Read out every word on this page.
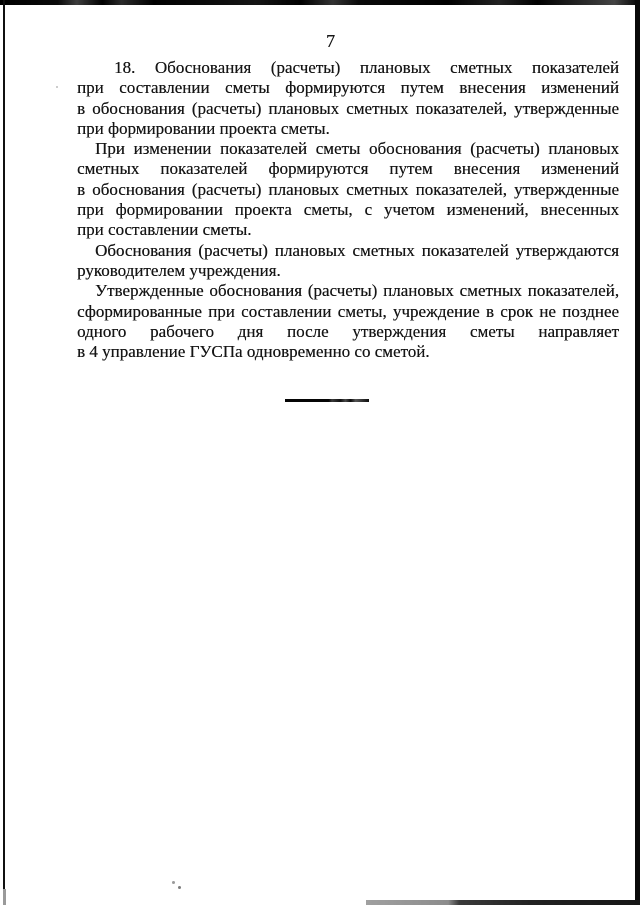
7

18. Обоснования (расчеты) плановых сметных показателей
при составлении сметы формируются путем внесения изменений
в обоснования (расчеты) плановых сметных показателей, утвержденные
при формировании проекта сметы.

При изменении показателей сметы обоснования (расчеты) плановых
сметных показателей формируются путем внесения изменений
в обоснования (расчеты) плановых сметных показателей, утвержденные
при формировании проекта сметы, с учетом изменений, внесенных
при составлении сметы.

Обоснования (расчеты) плановых сметных показателей утверждаются
руководителем учреждения.

Утвержденные обоснования (расчеты) плановых сметных показателей,
сформированные при составлении сметы, учреждение в срок не позднее
одного рабочего дня после утверждения сметы направляет
в 4 управление ГУСПа одновременно со сметой.
